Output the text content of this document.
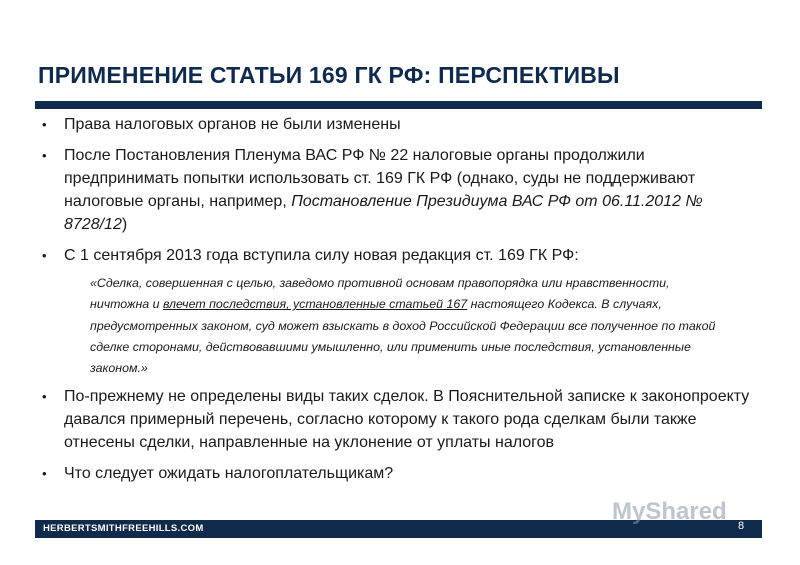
ПРИМЕНЕНИЕ СТАТЬИ 169 ГК РФ: ПЕРСПЕКТИВЫ
• Права налоговых органов не были изменены
• После Постановления Пленума ВАС РФ № 22 налоговые органы продолжили предпринимать попытки использовать ст. 169 ГК РФ (однако, суды не поддерживают налоговые органы, например, Постановление Президиума ВАС РФ от 06.11.2012 № 8728/12)
• С 1 сентября 2013 года вступила силу новая редакция ст. 169 ГК РФ:
«Сделка, совершенная с целью, заведомо противной основам правопорядка или нравственности, ничтожна и влечет последствия, установленные статьей 167 настоящего Кодекса. В случаях, предусмотренных законом, суд может взыскать в доход Российской Федерации все полученное по такой сделке сторонами, действовавшими умышленно, или применить иные последствия, установленные законом.»
• По-прежнему не определены виды таких сделок. В Пояснительной записке к законопроекту давался примерный перечень, согласно которому к такого рода сделкам были также отнесены сделки, направленные на уклонение от уплаты налогов
• Что следует ожидать налогоплательщикам?
HERBERTSMITHFREEHILLS.COM
MyShared
8
